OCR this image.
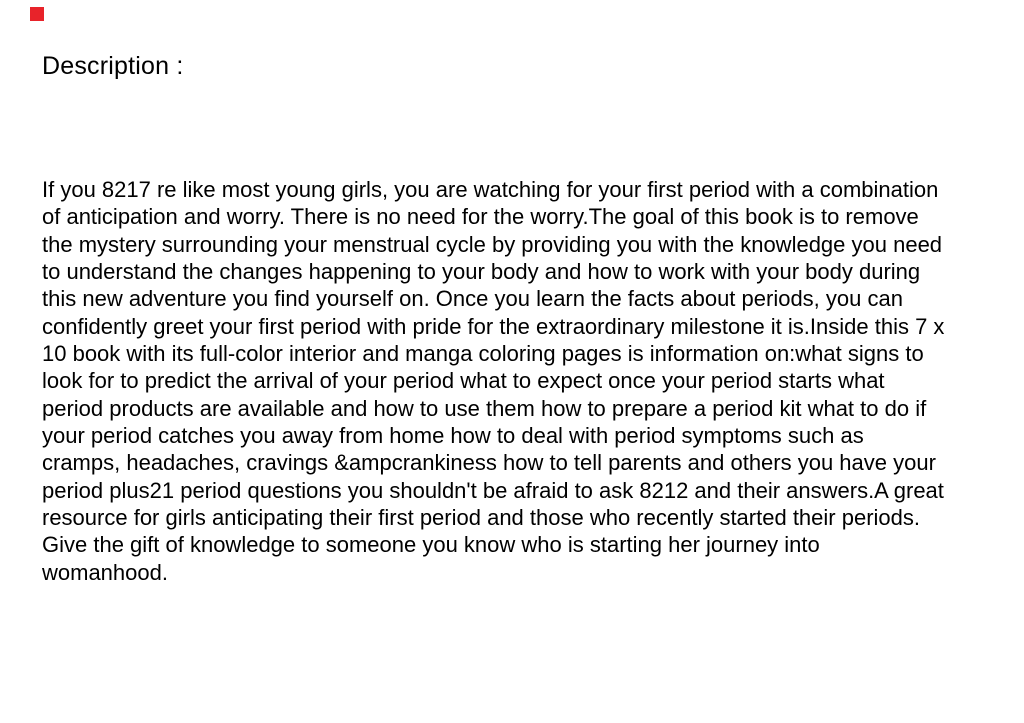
Description :
If you 8217 re like most young girls, you are watching for your first period with a combination
of anticipation and worry. There is no need for the worry.The goal of this book is to remove
the mystery surrounding your menstrual cycle by providing you with the knowledge you need
to understand the changes happening to your body and how to work with your body during
this new adventure you find yourself on. Once you learn the facts about periods, you can
confidently greet your first period with pride for the extraordinary milestone it is.Inside this 7 x
10 book with its full-color interior and manga coloring pages is information on:what signs to
look for to predict the arrival of your period what to expect once your period starts what
period products are available and how to use them how to prepare a period kit what to do if
your period catches you away from home how to deal with period symptoms such as
cramps, headaches, cravings &ampcrankiness how to tell parents and others you have your
period plus21 period questions you shouldn't be afraid to ask 8212 and their answers.A great
resource for girls anticipating their first period and those who recently started their periods.
Give the gift of knowledge to someone you know who is starting her journey into
womanhood.
